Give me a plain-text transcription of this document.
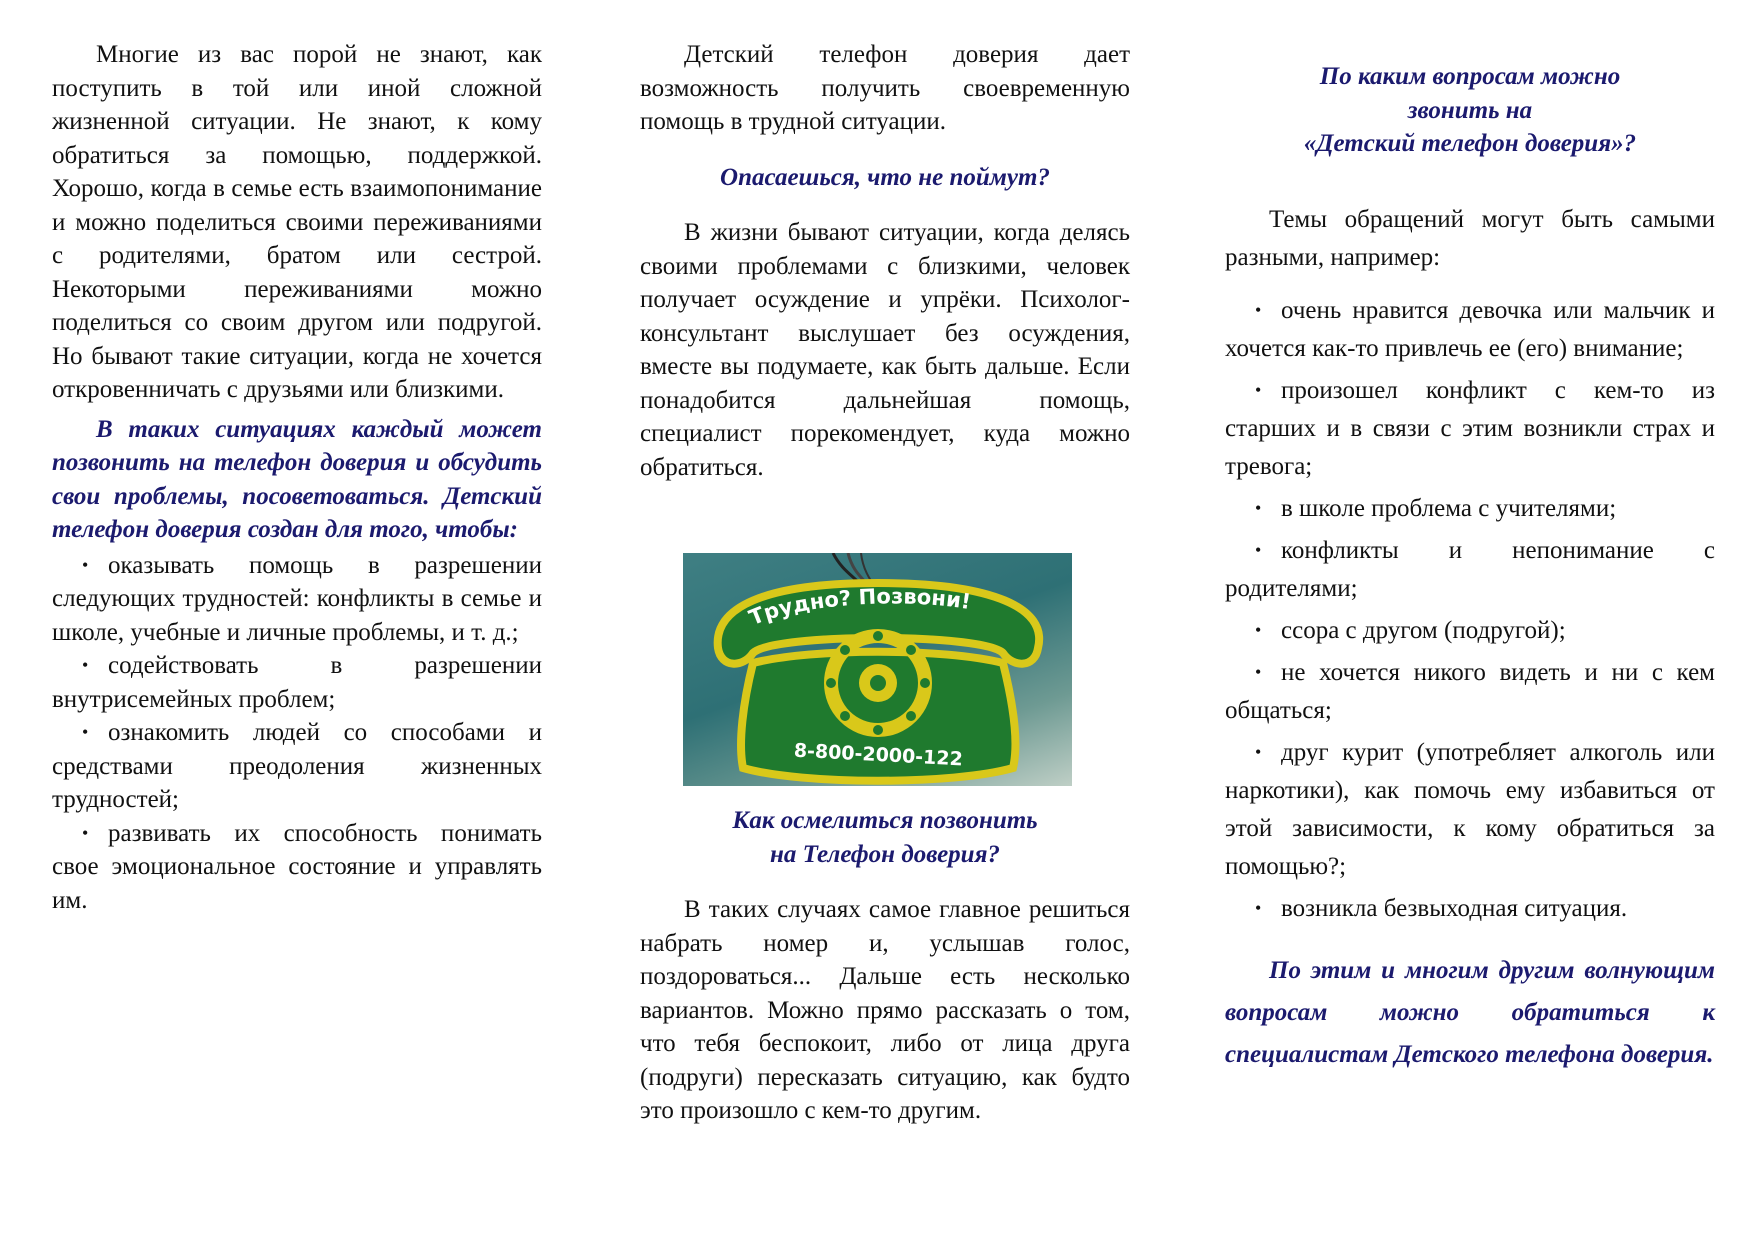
Многие из вас порой не знают, как поступить в той или иной сложной жизненной ситуации. Не знают, к кому обратиться за помощью, поддержкой. Хорошо, когда в семье есть взаимопонимание и можно поделиться своими переживаниями с родителями, братом или сестрой. Некоторыми переживаниями можно поделиться со своим другом или подругой. Но бывают такие ситуации, когда не хочется откровенничать с друзьями или близкими.

В таких ситуациях каждый может позвонить на телефон доверия и обсудить свои проблемы, посоветоваться. Детский телефон доверия создан для того, чтобы:

• оказывать помощь в разрешении следующих трудностей: конфликты в семье и школе, учебные и личные проблемы, и т. д.;
• содействовать в разрешении внутрисемейных проблем;
• ознакомить людей со способами и средствами преодоления жизненных трудностей;
• развивать их способность понимать свое эмоциональное состояние и управлять им.

Детский телефон доверия дает возможность получить своевременную помощь в трудной ситуации.

Опасаешься, что не поймут?

В жизни бывают ситуации, когда делясь своими проблемами с близкими, человек получает осуждение и упрёки. Психолог-консультант выслушает без осуждения, вместе вы подумаете, как быть дальше. Если понадобится дальнейшая помощь, специалист порекомендует, куда можно обратиться.

Трудно? Позвони!
8-800-2000-122

Как осмелиться позвонить
на Телефон доверия?

В таких случаях самое главное решиться набрать номер и, услышав голос, поздороваться... Дальше есть несколько вариантов. Можно прямо рассказать о том, что тебя беспокоит, либо от лица друга (подруги) пересказать ситуацию, как будто это произошло с кем-то другим.

По каким вопросам можно
звонить на
«Детский телефон доверия»?

Темы обращений могут быть самыми разными, например:

• очень нравится девочка или мальчик и хочется как-то привлечь ее (его) внимание;
• произошел конфликт с кем-то из старших и в связи с этим возникли страх и тревога;
• в школе проблема с учителями;
• конфликты и непонимание с родителями;
• ссора с другом (подругой);
• не хочется никого видеть и ни с кем общаться;
• друг курит (употребляет алкоголь или наркотики), как помочь ему избавиться от этой зависимости, к кому обратиться за помощью?;
• возникла безвыходная ситуация.

По этим и многим другим волнующим вопросам можно обратиться к специалистам Детского телефона доверия.
